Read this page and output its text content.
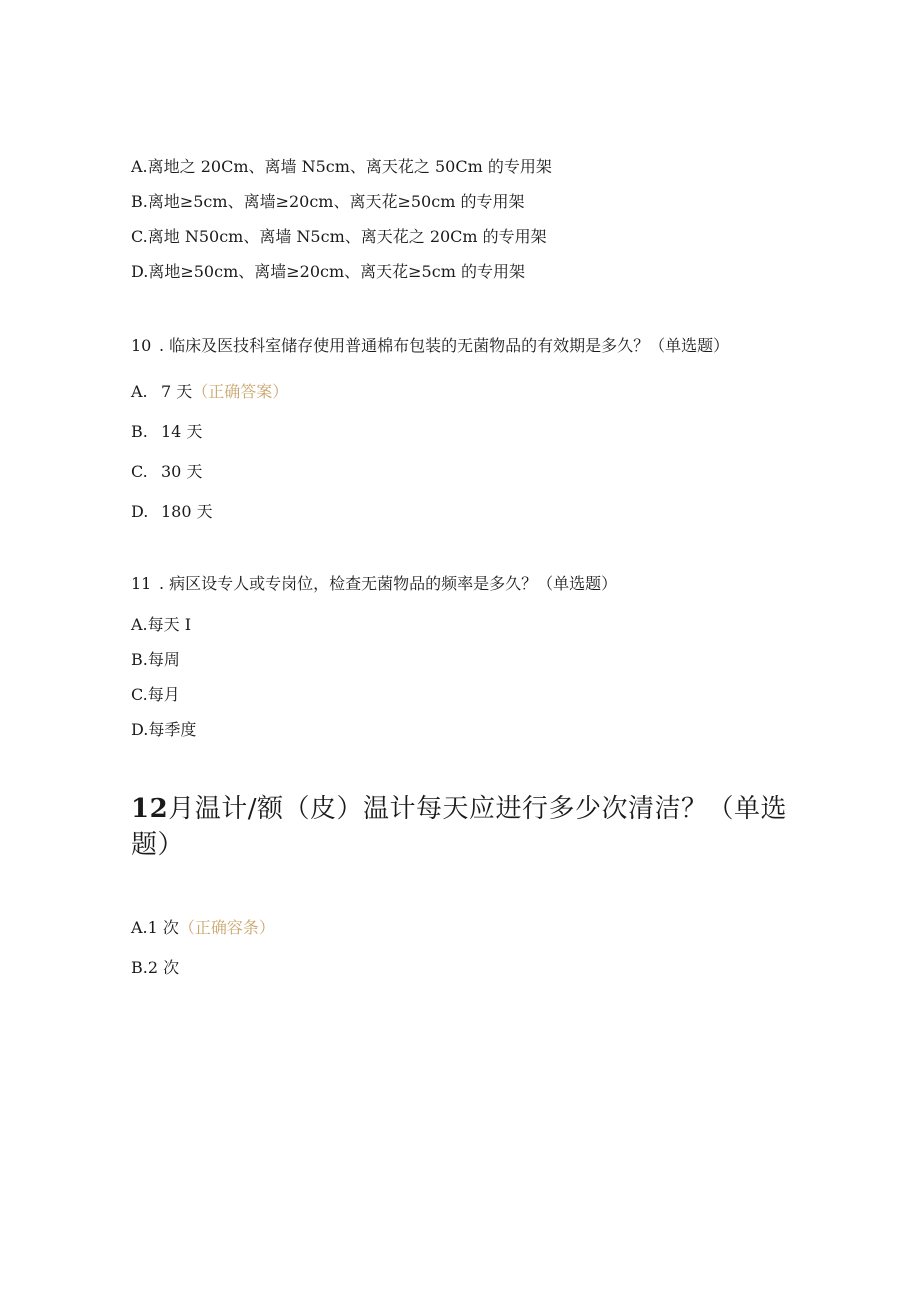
A.离地之 20Cm、离墙 N5cm、离天花之 50Cm 的专用架
B.离地≥5cm、离墙≥20cm、离天花≥50cm 的专用架
C.离地 N50cm、离墙 N5cm、离天花之 20Cm 的专用架
D.离地≥50cm、离墙≥20cm、离天花≥5cm 的专用架
10 . 临床及医技科室储存使用普通棉布包装的无菌物品的有效期是多久？（单选题）
A. 7 天（正确答案）
B. 14 天
C. 30 天
D. 180 天
11 . 病区设专人或专岗位，检查无菌物品的频率是多久？（单选题）
A.每天 I
B.每周
C.每月
D.每季度
12月温计/额（皮）温计每天应进行多少次清洁？（单选题）
A.1 次（正确容条）
B.2 次
